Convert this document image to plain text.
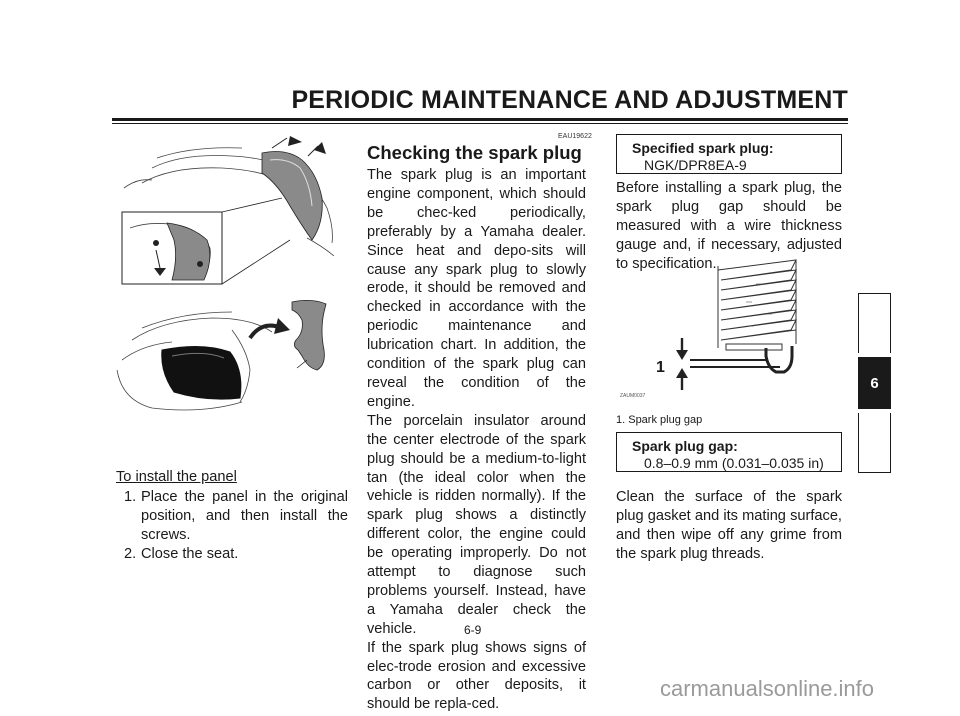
PERIODIC MAINTENANCE AND ADJUSTMENT
6
To install the panel
1. Place the panel in the original position, and then install the screws.
2. Close the seat.
EAU19622
Checking the spark plug

The spark plug is an important engine component, which should be chec-ked periodically, preferably by a Yamaha dealer. Since heat and depo-sits will cause any spark plug to slowly erode, it should be removed and checked in accordance with the periodic maintenance and lubrication chart. In addition, the condition of the spark plug can reveal the condition of the engine.

The porcelain insulator around the center electrode of the spark plug should be a medium-to-light tan (the ideal color when the vehicle is ridden normally). If the spark plug shows a distinctly different color, the engine could be operating improperly. Do not attempt to diagnose such problems yourself. Instead, have a Yamaha dealer check the vehicle.

If the spark plug shows signs of elec-trode erosion and excessive carbon or other deposits, it should be repla-ced.

Specified spark plug:
NGK/DPR8EA-9

Before installing a spark plug, the spark plug gap should be measured with a wire thickness gauge and, if necessary, adjusted to specification.

1
ZAUM0037
1. Spark plug gap
Spark plug gap:
0.8–0.9 mm (0.031–0.035 in)

Clean the surface of the spark plug gasket and its mating surface, and then wipe off any grime from the spark plug threads.

6-9
carmanualsonline.info
